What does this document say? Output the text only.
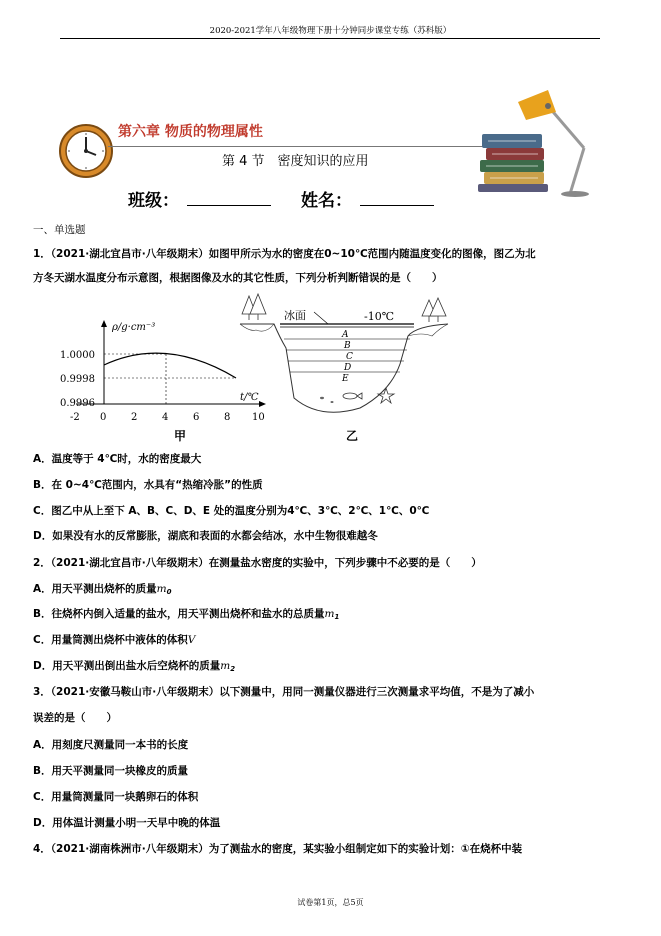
2020-2021学年八年级物理下册十分钟同步课堂专练（苏科版）
第六章 物质的物理属性
第 4 节　密度知识的应用
班级：	姓名：
一、单选题
1．（2021·湖北宜昌市·八年级期末）如图甲所示为水的密度在0~10℃范围内随温度变化的图像，图乙为北
方冬天湖水温度分布示意图，根据图像及水的其它性质，下列分析判断错误的是（　　）
ρ/g·cm⁻³
t/℃
1.0000
0.9998
0.9996
-2 0 2 4 6 8 10
甲
冰面	-10℃
A
B
C
D
E
乙
A．温度等于 4℃时，水的密度最大
B．在 0~4℃范围内，水具有“热缩冷胀”的性质
C．图乙中从上至下 A、B、C、D、E 处的温度分别为4℃、3℃、2℃、1℃、0℃
D．如果没有水的反常膨胀，湖底和表面的水都会结冰，水中生物很难越冬
2．（2021·湖北宜昌市·八年级期末）在测量盐水密度的实验中，下列步骤中不必要的是（　　）
A．用天平测出烧杯的质量$m_0$
B．往烧杯内倒入适量的盐水，用天平测出烧杯和盐水的总质量$m_1$
C．用量筒测出烧杯中液体的体积V
D．用天平测出倒出盐水后空烧杯的质量$m_2$
3．（2021·安徽马鞍山市·八年级期末）以下测量中，用同一测量仪器进行三次测量求平均值，不是为了减小
误差的是（　　）
A．用刻度尺测量同一本书的长度
B．用天平测量同一块橡皮的质量
C．用量筒测量同一块鹅卵石的体积
D．用体温计测量小明一天早中晚的体温
4．（2021·湖南株洲市·八年级期末）为了测盐水的密度，某实验小组制定如下的实验计划：①在烧杯中装
试卷第1页，总5页
